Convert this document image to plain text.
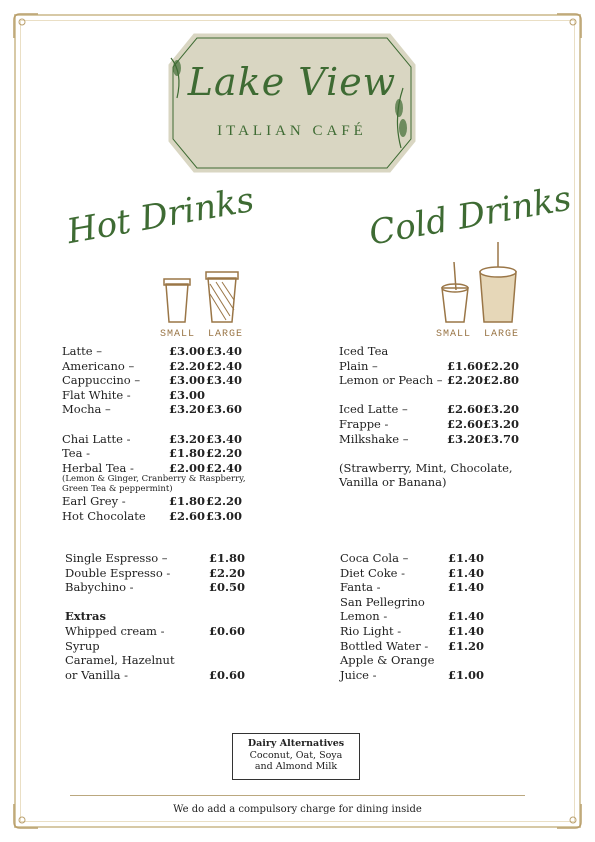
Lake View
ITALIAN CAFÉ
Hot Drinks	Cold Drinks
SMALL LARGE	SMALL LARGE
Latte –	£3.00 £3.40
Americano –	£2.20 £2.40
Cappuccino –	£3.00 £3.40
Flat White -	£3.00
Mocha –	£3.20 £3.60
Chai Latte -	£3.20 £3.40
Tea -	£1.80 £2.20
Herbal Tea -	£2.00 £2.40
(Lemon & Ginger, Cranberry & Raspberry, Green Tea & peppermint)
Earl Grey -	£1.80 £2.20
Hot Chocolate £2.60 £3.00
Iced Tea
Plain –	£1.60 £2.20
Lemon or Peach – £2.20 £2.80
Iced Latte –	£2.60 £3.20
Frappe -	£2.60 £3.20
Milkshake –	£3.20 £3.70
(Strawberry, Mint, Chocolate, Vanilla or Banana)
Single Espresso –	£1.80
Double Espresso -	£2.20
Babychino -	£0.50
Extras
Whipped cream -	£0.60
Syrup
Caramel, Hazelnut
or Vanilla -	£0.60
Coca Cola –	£1.40
Diet Coke -	£1.40
Fanta -	£1.40
San Pellegrino
Lemon -	£1.40
Rio Light -	£1.40
Bottled Water - £1.20
Apple & Orange
Juice -	£1.00
Dairy Alternatives
Coconut, Oat, Soya
and Almond Milk
We do add a compulsory charge for dining inside
